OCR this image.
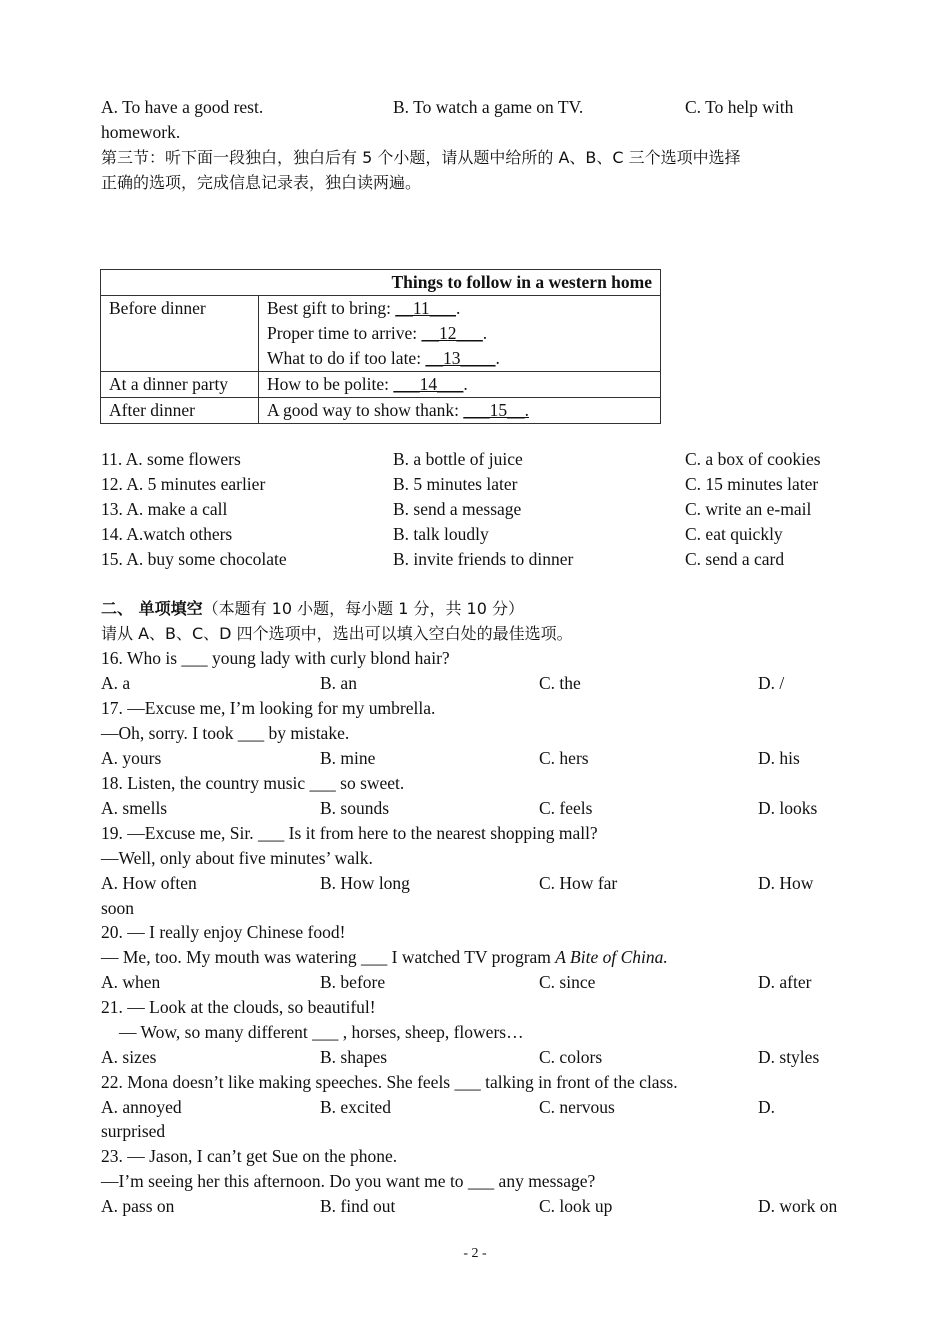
A. To have a good rest.	B. To watch a game on TV.	C. To help with
homework.
第三节：听下面一段独白，独白后有 5 个小题，请从题中给所的 A、B、C 三个选项中选择
正确的选项，完成信息记录表，独白读两遍。
Things to follow in a western home	
Before dinner	Best gift to bring: __11___.
Proper time to arrive: __12___.
What to do if too late: __13____.

At a dinner party	How to be polite: ___14___.
After dinner	A good way to show thank: ___15__.
11. A. some flowers	B. a bottle of juice	C. a box of cookies
12. A. 5 minutes earlier	B. 5 minutes later	C. 15 minutes later
13. A. make a call	B. send a message	C. write an e-mail
14. A.watch others	B. talk loudly	C. eat quickly
15. A. buy some chocolate	B. invite friends to dinner	C. send a card
二、 单项填空（本题有 10 小题，每小题 1 分，共 10 分）
请从 A、B、C、D 四个选项中，选出可以填入空白处的最佳选项。
16. Who is ___ young lady with curly blond hair?
A. a	B. an	C. the	D. /
17. —Excuse me, I’m looking for my umbrella.
—Oh, sorry. I took ___ by mistake.
A. yours	B. mine	C. hers	D. his
18. Listen, the country music ___ so sweet.
A. smells	B. sounds	C. feels	D. looks
19. —Excuse me, Sir. ___ Is it from here to the nearest shopping mall?
—Well, only about five minutes’ walk.
A. How often	B. How long	C. How far	D. How
soon
20. — I really enjoy Chinese food!
— Me, too. My mouth was watering ___ I watched TV program A Bite of China.
A. when	B. before	C. since	D. after
21. — Look at the clouds, so beautiful!
— Wow, so many different ___ , horses, sheep, flowers…
A. sizes	B. shapes	C. colors	D. styles
22. Mona doesn’t like making speeches. She feels ___ talking in front of the class.
A. annoyed	B. excited	C. nervous	D.
surprised
23. — Jason, I can’t get Sue on the phone.
—I’m seeing her this afternoon. Do you want me to ___ any message?
A. pass on	B. find out	C. look up	D. work on
- 2 -
